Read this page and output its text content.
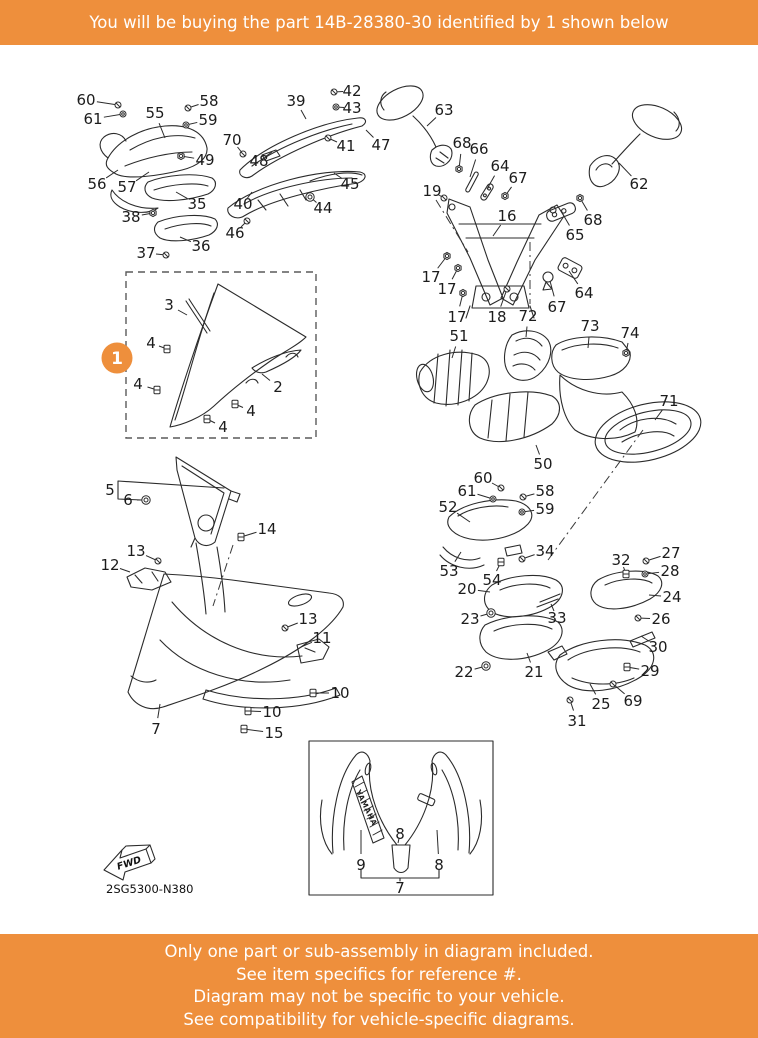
You will be buying the part 14B-28380-30 identified by 1 shown below
FWD
YAMAHA
2SG5300-N380
60
61	55
58
59
49
56 57
35
38
36
37
42
43
39
47
41
70
48
45
40	44
46
63
68
66
64
67	62
19
16	68
65
17
17
17 18
64
67
72
73 74
51
71
50
3
4
4	2
4
4
5
6
14
13
12
13
11
10
10
15
7
60
61	58
59
52
34
53 54
20
23	33
22	21
31
25 69
27
28
32
24
26
30
29
9	8
8
7
1
Only one part or sub-assembly in diagram included.
See item specifics for reference #.
Diagram may not be specific to your vehicle.
See compatibility for vehicle-specific diagrams.
